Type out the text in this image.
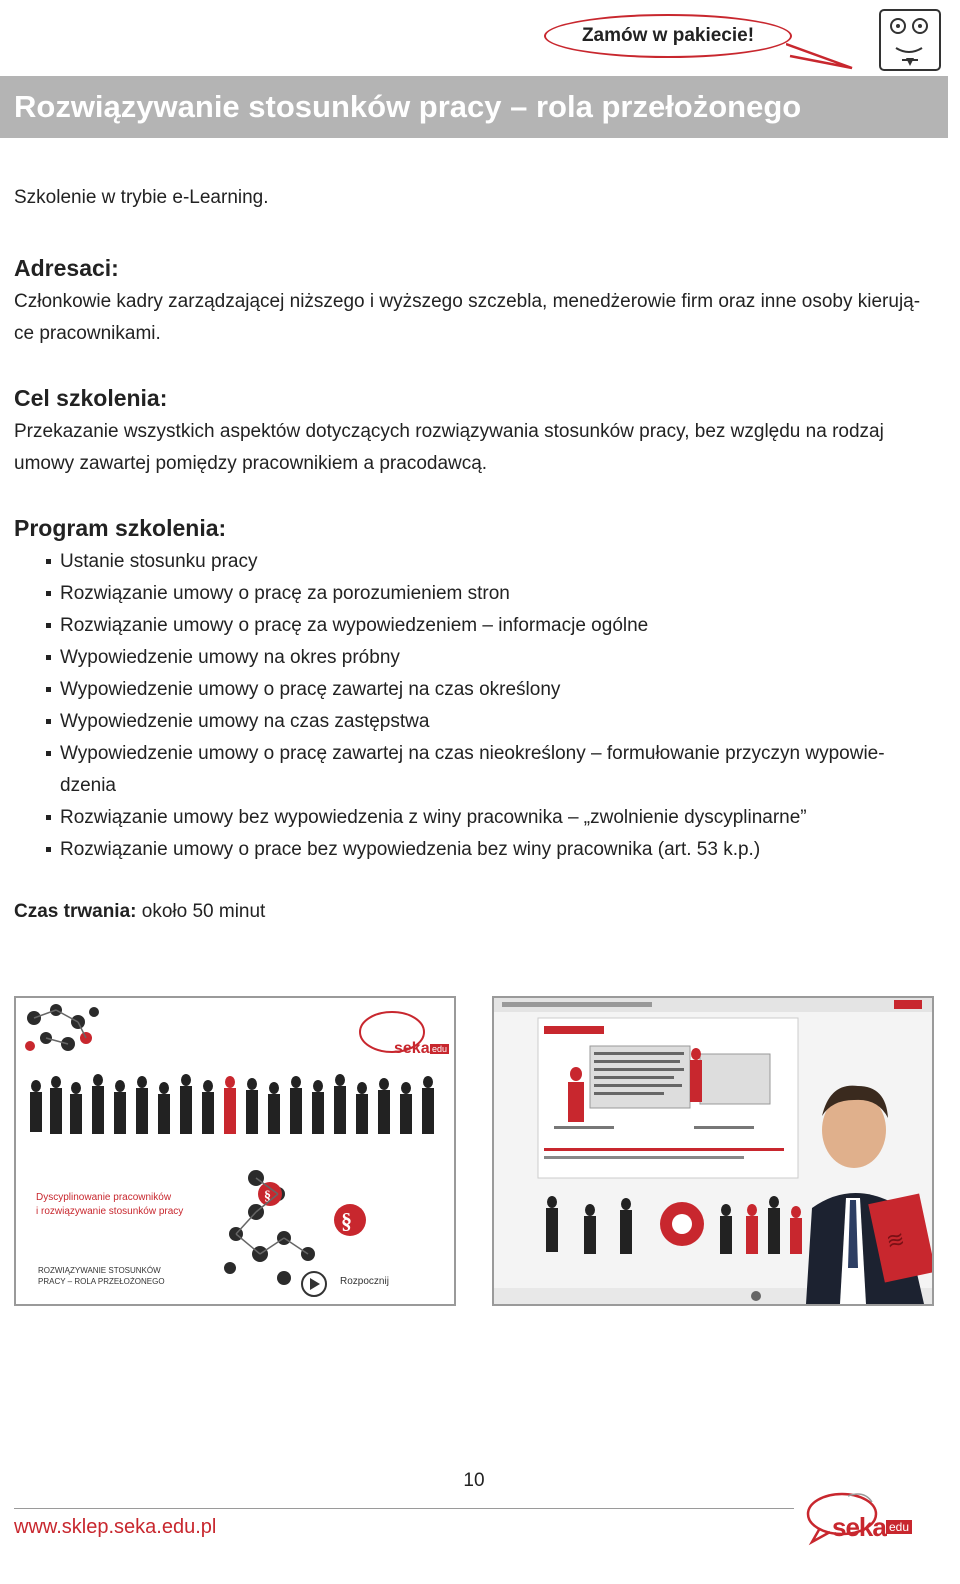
Zamów w pakiecie!
Rozwiązywanie stosunków pracy – rola przełożonego
Szkolenie w trybie e-Learning.
Adresaci:
Członkowie kadry zarządzającej niższego i wyższego szczebla, menedżerowie firm oraz inne osoby kierują-
ce pracownikami.
Cel szkolenia:
Przekazanie wszystkich aspektów dotyczących rozwiązywania stosunków pracy, bez względu na rodzaj
umowy zawartej pomiędzy pracownikiem a pracodawcą.
Program szkolenia:
Ustanie stosunku pracy
Rozwiązanie umowy o pracę za porozumieniem stron
Rozwiązanie umowy o pracę za wypowiedzeniem – informacje ogólne
Wypowiedzenie umowy na okres próbny
Wypowiedzenie umowy o pracę zawartej na czas określony
Wypowiedzenie umowy na czas zastępstwa
Wypowiedzenie umowy o pracę zawartej na czas nieokreślony – formułowanie przyczyn wypowie-
dzenia
Rozwiązanie umowy bez wypowiedzenia z winy pracownika – „zwolnienie dyscyplinarne”
Rozwiązanie umowy o prace bez wypowiedzenia bez winy pracownika (art. 53 k.p.)
Czas trwania: około 50 minut
§
§
seka edu
Dyscyplinowanie pracowników
i rozwiązywanie stosunków pracy
ROZWIĄZYWANIE STOSUNKÓW
PRACY – ROLA PRZEŁOŻONEGO	Rozpocznij
≋
10
www.sklep.seka.edu.pl	seka edu
